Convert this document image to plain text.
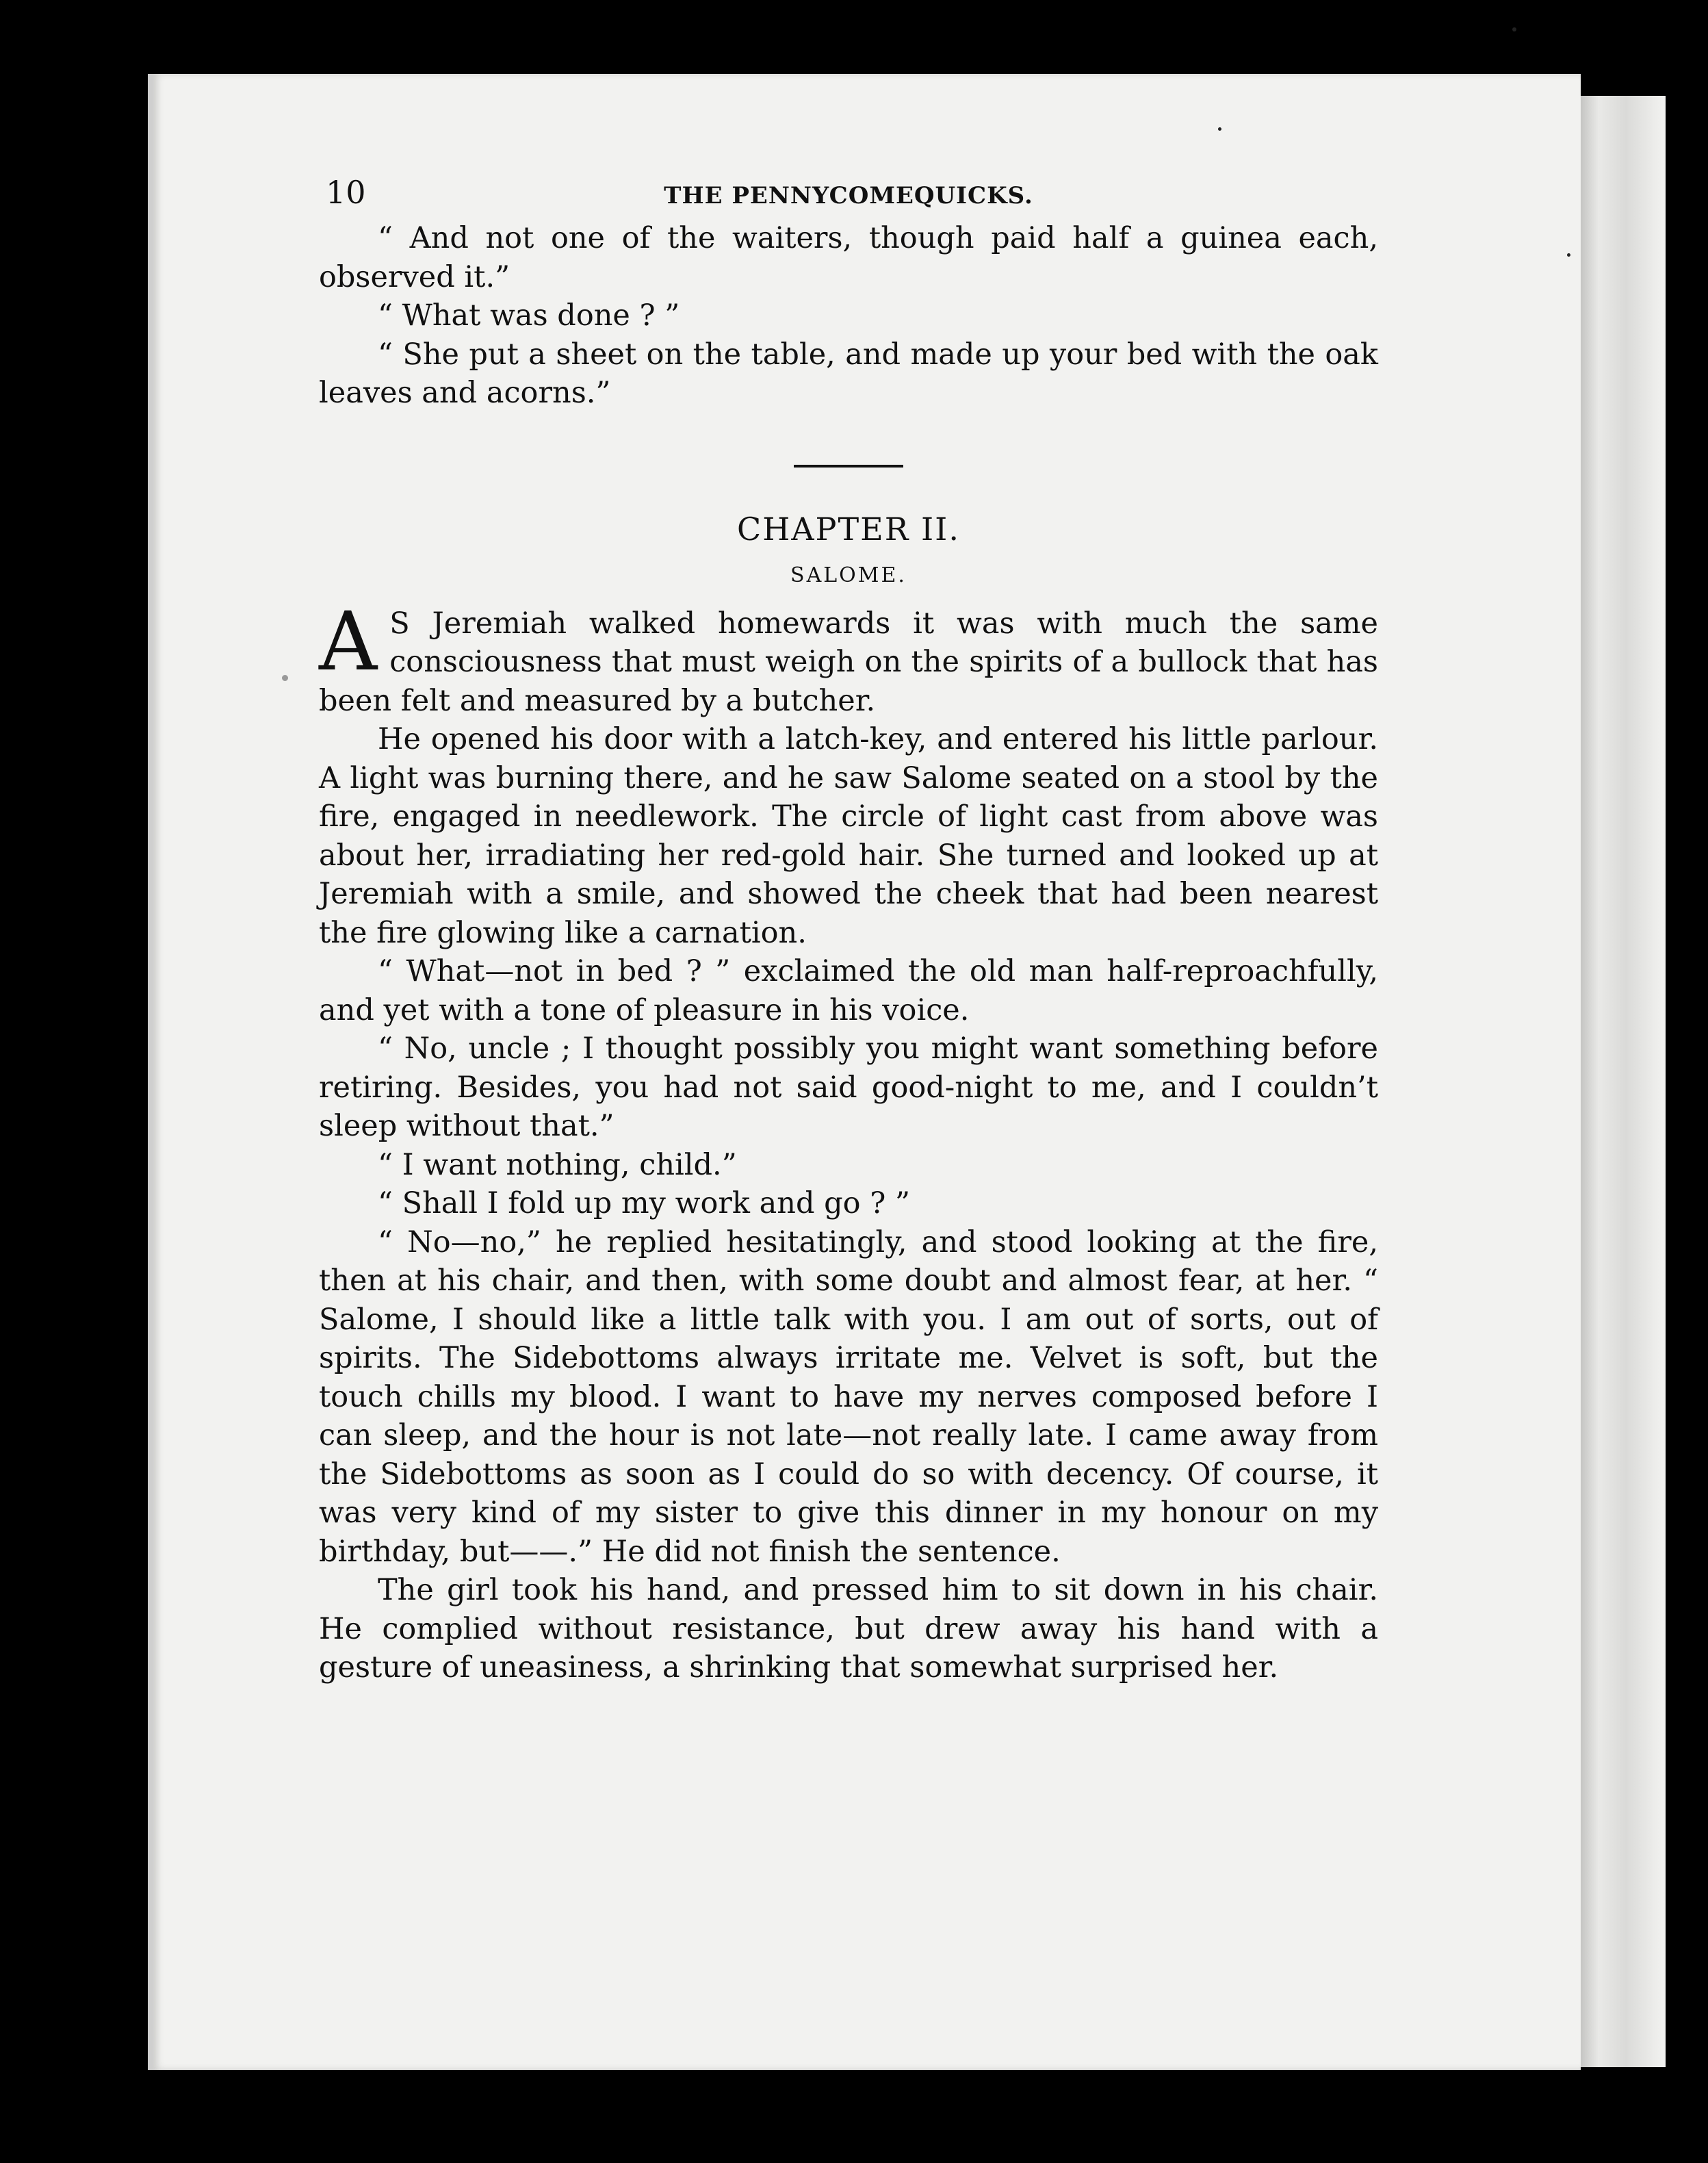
10	THE PENNYCOMEQUICKS.

“ And not one of the waiters, though paid half a guinea each, observed it.”

“ What was done ? ”

“ She put a sheet on the table, and made up your bed with the oak leaves and acorns.”

CHAPTER II.
SALOME.

A S Jeremiah walked homewards it was with much the same consciousness that must weigh on the spirits of a bullock that has been felt and measured by a butcher.

He opened his door with a latch-key, and entered his little parlour. A light was burning there, and he saw Salome seated on a stool by the fire, engaged in needlework. The circle of light cast from above was about her, irradiating her red-gold hair. She turned and looked up at Jeremiah with a smile, and showed the cheek that had been nearest the fire glowing like a carnation.

“ What—not in bed ? ” exclaimed the old man half-reproachfully, and yet with a tone of pleasure in his voice.

“ No, uncle ; I thought possibly you might want something before retiring. Besides, you had not said good-night to me, and I couldn’t sleep without that.”

“ I want nothing, child.”

“ Shall I fold up my work and go ? ”

“ No—no,” he replied hesitatingly, and stood looking at the fire, then at his chair, and then, with some doubt and almost fear, at her. “ Salome, I should like a little talk with you. I am out of sorts, out of spirits. The Sidebottoms always irritate me. Velvet is soft, but the touch chills my blood. I want to have my nerves composed before I can sleep, and the hour is not late—not really late. I came away from the Sidebottoms as soon as I could do so with decency. Of course, it was very kind of my sister to give this dinner in my honour on my birthday, but——.” He did not finish the sentence.

The girl took his hand, and pressed him to sit down in his chair. He complied without resistance, but drew away his hand with a gesture of uneasiness, a shrinking that somewhat surprised her.
